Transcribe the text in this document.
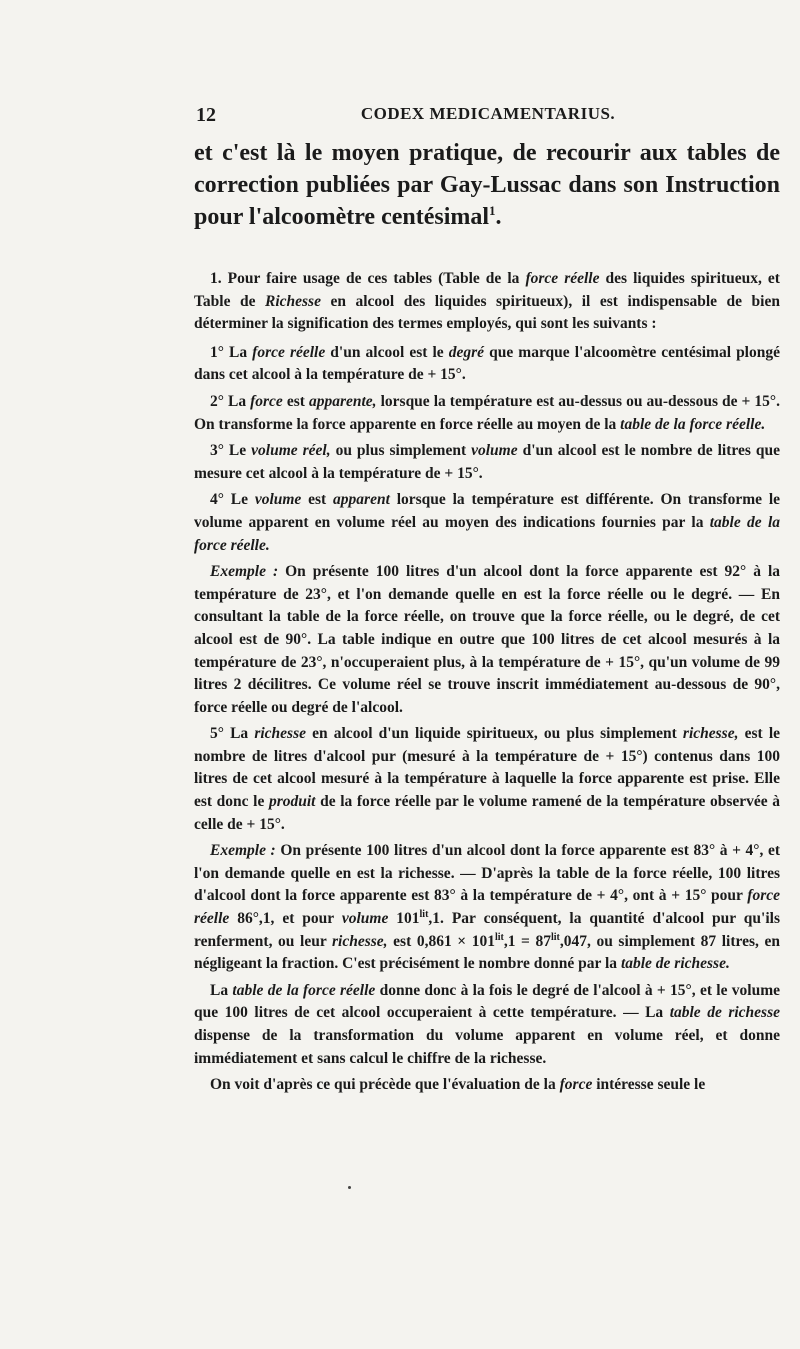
12	CODEX MEDICAMENTARIUS.

et c'est là le moyen pratique, de recourir aux tables de correction publiées par Gay-Lussac dans son Instruction pour l'alcoomètre centésimal$^1$.

1. Pour faire usage de ces tables (Table de la force réelle des liquides spiritueux, et Table de Richesse en alcool des liquides spiritueux), il est indispensable de bien déterminer la signification des termes employés, qui sont les suivants :

1° La force réelle d'un alcool est le degré que marque l'alcoomètre centésimal plongé dans cet alcool à la température de + 15°.

2° La force est apparente, lorsque la température est au-dessus ou au-dessous de + 15°. On transforme la force apparente en force réelle au moyen de la table de la force réelle.

3° Le volume réel, ou plus simplement volume d'un alcool est le nombre de litres que mesure cet alcool à la température de + 15°.

4° Le volume est apparent lorsque la température est différente. On transforme le volume apparent en volume réel au moyen des indications fournies par la table de la force réelle.

Exemple : On présente 100 litres d'un alcool dont la force apparente est 92° à la température de 23°, et l'on demande quelle en est la force réelle ou le degré. — En consultant la table de la force réelle, on trouve que la force réelle, ou le degré, de cet alcool est de 90°. La table indique en outre que 100 litres de cet alcool mesurés à la température de 23°, n'occuperaient plus, à la température de + 15°, qu'un volume de 99 litres 2 décilitres. Ce volume réel se trouve inscrit immédiatement au-dessous de 90°, force réelle ou degré de l'alcool.

5° La richesse en alcool d'un liquide spiritueux, ou plus simplement richesse, est le nombre de litres d'alcool pur (mesuré à la température de + 15°) contenus dans 100 litres de cet alcool mesuré à la température à laquelle la force apparente est prise. Elle est donc le produit de la force réelle par le volume ramené de la température observée à celle de + 15°.

Exemple : On présente 100 litres d'un alcool dont la force apparente est 83° à + 4°, et l'on demande quelle en est la richesse. — D'après la table de la force réelle, 100 litres d'alcool dont la force apparente est 83° à la température de + 4°, ont à + 15° pour force réelle 86°,1, et pour volume $101^{lit},1$. Par conséquent, la quantité d'alcool pur qu'ils renferment, ou leur richesse, est $0,861 \times 101^{lit},1 = 87^{lit},047$, ou simplement 87 litres, en négligeant la fraction. C'est précisément le nombre donné par la table de richesse.

La table de la force réelle donne donc à la fois le degré de l'alcool à + 15°, et le volume que 100 litres de cet alcool occuperaient à cette température. — La table de richesse dispense de la transformation du volume apparent en volume réel, et donne immédiatement et sans calcul le chiffre de la richesse.

On voit d'après ce qui précède que l'évaluation de la force intéresse seule le
